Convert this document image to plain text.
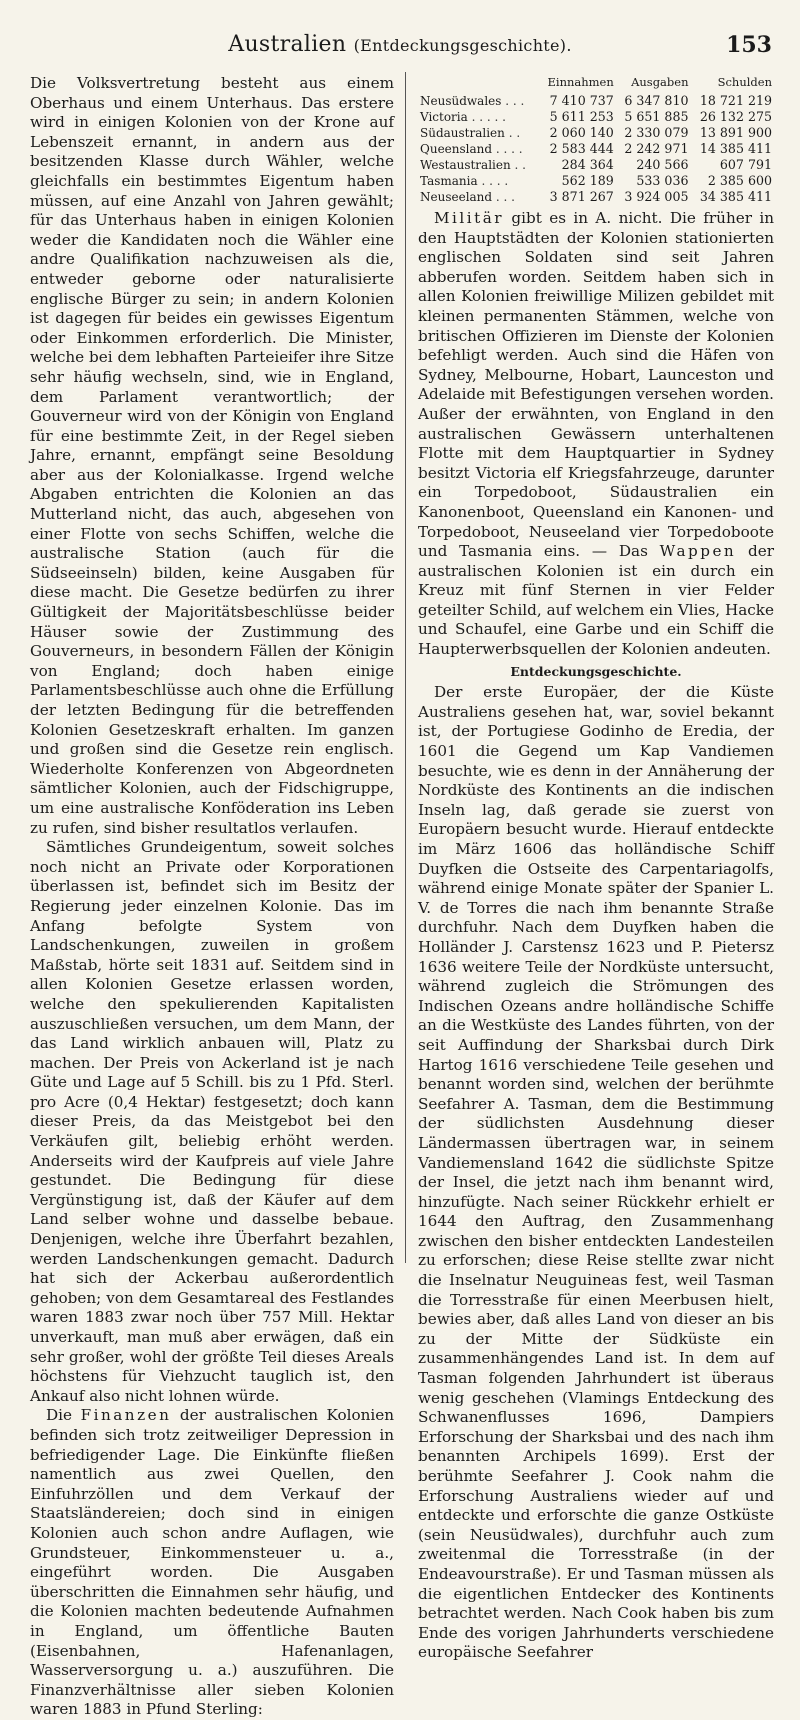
Australien (Entdeckungsgeschichte).	153

Die Volksvertretung besteht aus einem Oberhaus und einem Unterhaus. Das erstere wird in einigen Kolonien von der Krone auf Lebenszeit ernannt, in andern aus der besitzenden Klasse durch Wähler, welche gleichfalls ein bestimmtes Eigentum haben müssen, auf eine Anzahl von Jahren gewählt; für das Unterhaus haben in einigen Kolonien weder die Kandidaten noch die Wähler eine andre Qualifikation nachzuweisen als die, entweder geborne oder naturalisierte englische Bürger zu sein; in andern Kolonien ist dagegen für beides ein gewisses Eigentum oder Einkommen erforderlich. Die Minister, welche bei dem lebhaften Parteieifer ihre Sitze sehr häufig wechseln, sind, wie in England, dem Parlament verantwortlich; der Gouverneur wird von der Königin von England für eine bestimmte Zeit, in der Regel sieben Jahre, ernannt, empfängt seine Besoldung aber aus der Kolonialkasse. Irgend welche Abgaben entrichten die Kolonien an das Mutterland nicht, das auch, abgesehen von einer Flotte von sechs Schiffen, welche die australische Station (auch für die Südseeinseln) bilden, keine Ausgaben für diese macht. Die Gesetze bedürfen zu ihrer Gültigkeit der Majoritätsbeschlüsse beider Häuser sowie der Zustimmung des Gouverneurs, in besondern Fällen der Königin von England; doch haben einige Parlamentsbeschlüsse auch ohne die Erfüllung der letzten Bedingung für die betreffenden Kolonien Gesetzeskraft erhalten. Im ganzen und großen sind die Gesetze rein englisch. Wiederholte Konferenzen von Abgeordneten sämtlicher Kolonien, auch der Fidschigruppe, um eine australische Konföderation ins Leben zu rufen, sind bisher resultatlos verlaufen.

Sämtliches Grundeigentum, soweit solches noch nicht an Private oder Korporationen überlassen ist, befindet sich im Besitz der Regierung jeder einzelnen Kolonie. Das im Anfang befolgte System von Landschenkungen, zuweilen in großem Maßstab, hörte seit 1831 auf. Seitdem sind in allen Kolonien Gesetze erlassen worden, welche den spekulierenden Kapitalisten auszuschließen versuchen, um dem Mann, der das Land wirklich anbauen will, Platz zu machen. Der Preis von Ackerland ist je nach Güte und Lage auf 5 Schill. bis zu 1 Pfd. Sterl. pro Acre (0,4 Hektar) festgesetzt; doch kann dieser Preis, da das Meistgebot bei den Verkäufen gilt, beliebig erhöht werden. Anderseits wird der Kaufpreis auf viele Jahre gestundet. Die Bedingung für diese Vergünstigung ist, daß der Käufer auf dem Land selber wohne und dasselbe bebaue. Denjenigen, welche ihre Überfahrt bezahlen, werden Landschenkungen gemacht. Dadurch hat sich der Ackerbau außerordentlich gehoben; von dem Gesamtareal des Festlandes waren 1883 zwar noch über 757 Mill. Hektar unverkauft, man muß aber erwägen, daß ein sehr großer, wohl der größte Teil dieses Areals höchstens für Viehzucht tauglich ist, den Ankauf also nicht lohnen würde.

Die Finanzen der australischen Kolonien befinden sich trotz zeitweiliger Depression in befriedigender Lage. Die Einkünfte fließen namentlich aus zwei Quellen, den Einfuhrzöllen und dem Verkauf der Staatsländereien; doch sind in einigen Kolonien auch schon andre Auflagen, wie Grundsteuer, Einkommensteuer u. a., eingeführt worden. Die Ausgaben überschritten die Einnahmen sehr häufig, und die Kolonien machten bedeutende Aufnahmen in England, um öffentliche Bauten (Eisenbahnen, Hafenanlagen, Wasserversorgung u. a.) auszuführen. Die Finanzverhältnisse aller sieben Kolonien waren 1883 in Pfund Sterling:

	Einnahmen	Ausgaben	Schulden
Neusüdwales . . .	7 410 737	6 347 810	18 721 219
Victoria . . . . .	5 611 253	5 651 885	26 132 275
Südaustralien . .	2 060 140	2 330 079	13 891 900
Queensland . . . .	2 583 444	2 242 971	14 385 411
Westaustralien . .	284 364	240 566	607 791
Tasmania . . . .	562 189	533 036	2 385 600
Neuseeland . . .	3 871 267	3 924 005	34 385 411

Militär gibt es in A. nicht. Die früher in den Hauptstädten der Kolonien stationierten englischen Soldaten sind seit Jahren abberufen worden. Seitdem haben sich in allen Kolonien freiwillige Milizen gebildet mit kleinen permanenten Stämmen, welche von britischen Offizieren im Dienste der Kolonien befehligt werden. Auch sind die Häfen von Sydney, Melbourne, Hobart, Launceston und Adelaide mit Befestigungen versehen worden. Außer der erwähnten, von England in den australischen Gewässern unterhaltenen Flotte mit dem Hauptquartier in Sydney besitzt Victoria elf Kriegsfahrzeuge, darunter ein Torpedoboot, Südaustralien ein Kanonenboot, Queensland ein Kanonen- und Torpedoboot, Neuseeland vier Torpedoboote und Tasmania eins. — Das Wappen der australischen Kolonien ist ein durch ein Kreuz mit fünf Sternen in vier Felder geteilter Schild, auf welchem ein Vlies, Hacke und Schaufel, eine Garbe und ein Schiff die Haupterwerbsquellen der Kolonien andeuten.

Entdeckungsgeschichte.

Der erste Europäer, der die Küste Australiens gesehen hat, war, soviel bekannt ist, der Portugiese Godinho de Eredia, der 1601 die Gegend um Kap Vandiemen besuchte, wie es denn in der Annäherung der Nordküste des Kontinents an die indischen Inseln lag, daß gerade sie zuerst von Europäern besucht wurde. Hierauf entdeckte im März 1606 das holländische Schiff Duyfken die Ostseite des Carpentariagolfs, während einige Monate später der Spanier L. V. de Torres die nach ihm benannte Straße durchfuhr. Nach dem Duyfken haben die Holländer J. Carstensz 1623 und P. Pietersz 1636 weitere Teile der Nordküste untersucht, während zugleich die Strömungen des Indischen Ozeans andre holländische Schiffe an die Westküste des Landes führten, von der seit Auffindung der Sharksbai durch Dirk Hartog 1616 verschiedene Teile gesehen und benannt worden sind, welchen der berühmte Seefahrer A. Tasman, dem die Bestimmung der südlichsten Ausdehnung dieser Ländermassen übertragen war, in seinem Vandiemensland 1642 die südlichste Spitze der Insel, die jetzt nach ihm benannt wird, hinzufügte. Nach seiner Rückkehr erhielt er 1644 den Auftrag, den Zusammenhang zwischen den bisher entdeckten Landesteilen zu erforschen; diese Reise stellte zwar nicht die Inselnatur Neuguineas fest, weil Tasman die Torresstraße für einen Meerbusen hielt, bewies aber, daß alles Land von dieser an bis zu der Mitte der Südküste ein zusammenhängendes Land ist. In dem auf Tasman folgenden Jahrhundert ist überaus wenig geschehen (Vlamings Entdeckung des Schwanenflusses 1696, Dampiers Erforschung der Sharksbai und des nach ihm benannten Archipels 1699). Erst der berühmte Seefahrer J. Cook nahm die Erforschung Australiens wieder auf und entdeckte und erforschte die ganze Ostküste (sein Neusüdwales), durchfuhr auch zum zweitenmal die Torresstraße (in der Endeavourstraße). Er und Tasman müssen als die eigentlichen Entdecker des Kontinents betrachtet werden. Nach Cook haben bis zum Ende des vorigen Jahrhunderts verschiedene europäische Seefahrer
